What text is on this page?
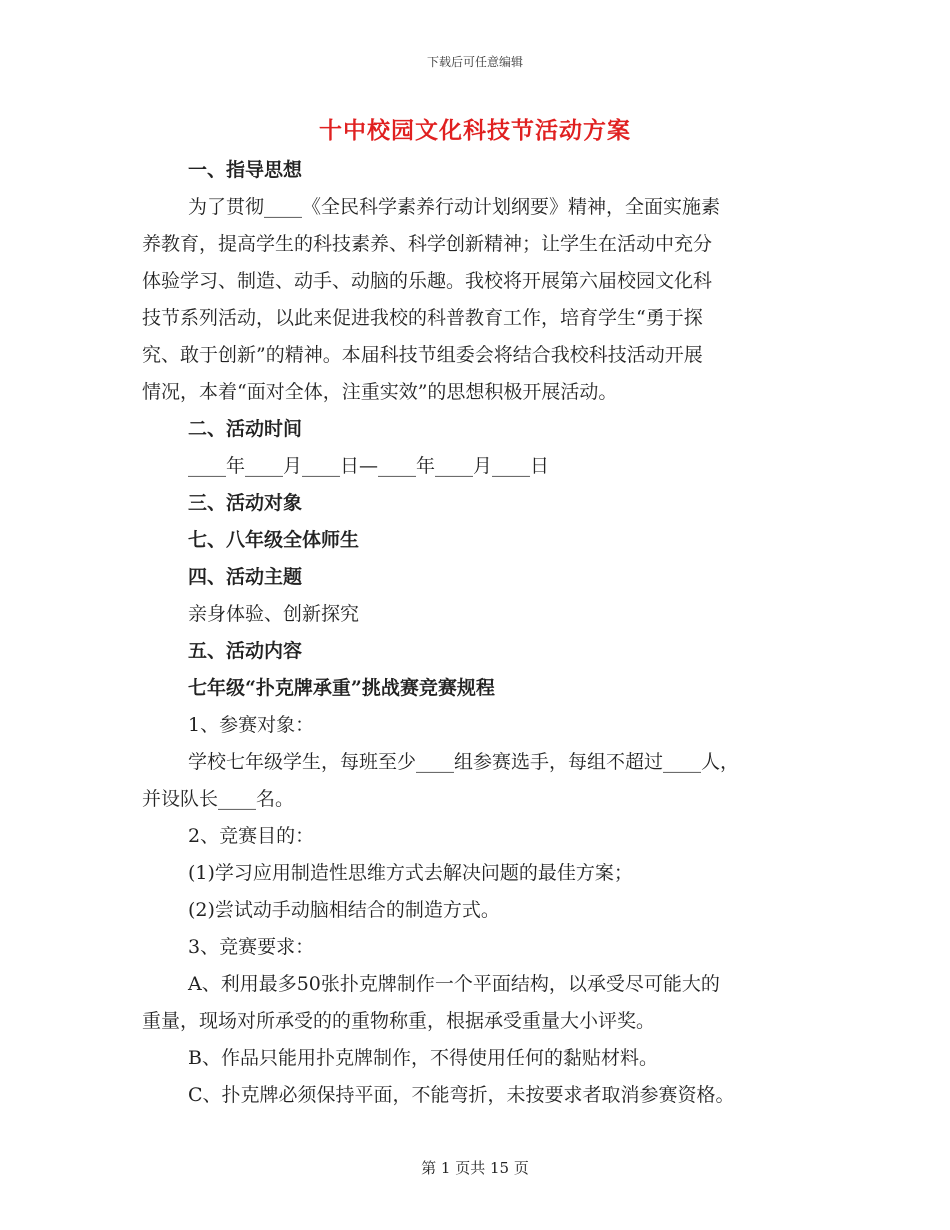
下载后可任意编辑
十中校园文化科技节活动方案
一、指导思想
为了贯彻____《全民科学素养行动计划纲要》精神，全面实施素
养教育，提高学生的科技素养、科学创新精神；让学生在活动中充分
体验学习、制造、动手、动脑的乐趣。我校将开展第六届校园文化科
技节系列活动，以此来促进我校的科普教育工作，培育学生“勇于探
究、敢于创新”的精神。本届科技节组委会将结合我校科技活动开展
情况，本着“面对全体，注重实效”的思想积极开展活动。
二、活动时间
____年____月____日—____年____月____日
三、活动对象
七、八年级全体师生
四、活动主题
亲身体验、创新探究
五、活动内容
七年级“扑克牌承重”挑战赛竞赛规程
1、参赛对象：
学校七年级学生，每班至少____组参赛选手，每组不超过____人，
并设队长____名。
2、竞赛目的：
(1)学习应用制造性思维方式去解决问题的最佳方案；
(2)尝试动手动脑相结合的制造方式。
3、竞赛要求：
A、利用最多50张扑克牌制作一个平面结构，以承受尽可能大的
重量，现场对所承受的的重物称重，根据承受重量大小评奖。
B、作品只能用扑克牌制作，不得使用任何的黏贴材料。
C、扑克牌必须保持平面，不能弯折，未按要求者取消参赛资格。
第 1 页共 15 页
